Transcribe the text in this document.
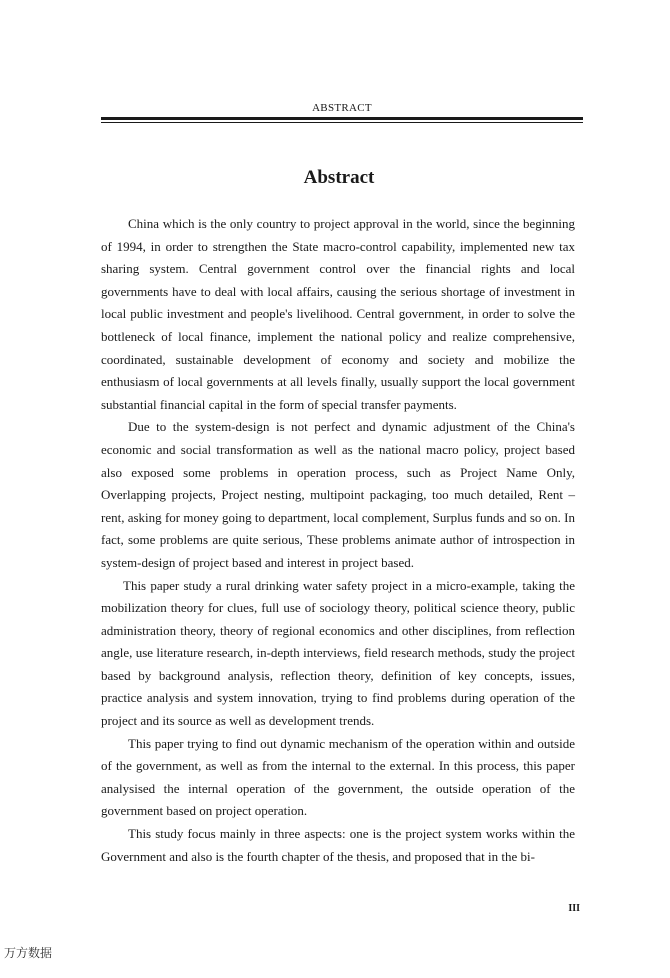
ABSTRACT
Abstract

China which is the only country to project approval in the world, since the beginning of 1994, in order to strengthen the State macro-control capability, implemented new tax sharing system. Central government control over the financial rights and local governments have to deal with local affairs, causing the serious shortage of investment in local public investment and people's livelihood. Central government, in order to solve the bottleneck of local finance, implement the national policy and realize comprehensive, coordinated, sustainable development of economy and society and mobilize the enthusiasm of local governments at all levels finally, usually support the local government substantial financial capital in the form of special transfer payments.

Due to the system-design is not perfect and dynamic adjustment of the China's economic and social transformation as well as the national macro policy, project based also exposed some problems in operation process, such as Project Name Only, Overlapping projects, Project nesting, multipoint packaging, too much detailed, Rent – rent, asking for money going to department, local complement, Surplus funds and so on. In fact, some problems are quite serious, These problems animate author of introspection in system-design of project based and interest in project based.

This paper study a rural drinking water safety project in a micro-example, taking the mobilization theory for clues, full use of sociology theory, political science theory, public administration theory, theory of regional economics and other disciplines, from reflection angle, use literature research, in-depth interviews, field research methods, study the project based by background analysis, reflection theory, definition of key concepts, issues, practice analysis and system innovation, trying to find problems during operation of the project and its source as well as development trends.

This paper trying to find out dynamic mechanism of the operation within and outside of the government, as well as from the internal to the external. In this process, this paper analysised the internal operation of the government, the outside operation of the government based on project operation.

This study focus mainly in three aspects: one is the project system works within the Government and also is the fourth chapter of the thesis, and proposed that in the bi-

III
万方数据
